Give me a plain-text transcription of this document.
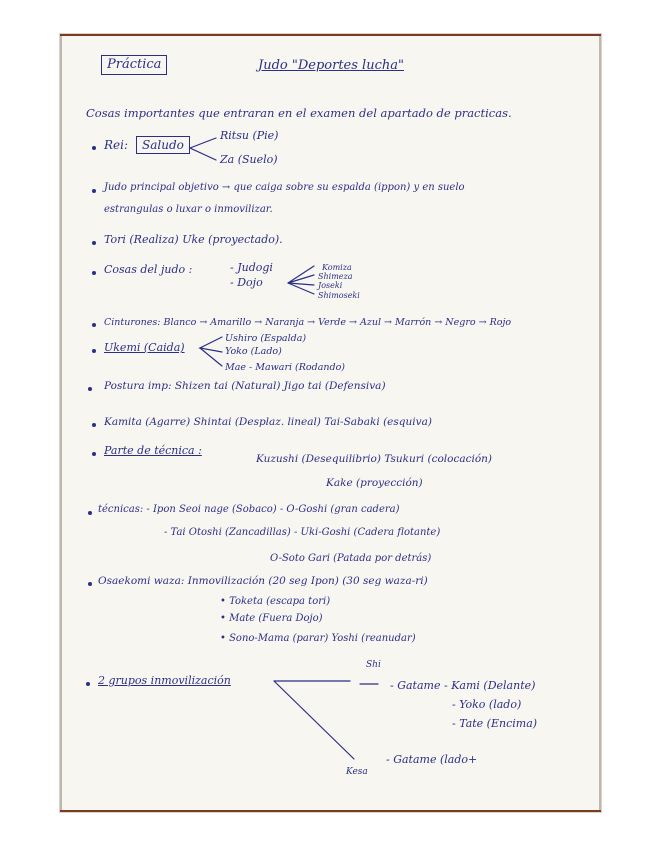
Práctica	Judo "Deportes lucha"
Cosas importantes que entraran en el examen del apartado de practicas.
Rei:	Saludo
Ritsu (Pie)
Za (Suelo)
Judo principal objetivo → que caiga sobre su espalda (ippon) y en suelo
estrangulas o luxar o inmovilizar.
Tori (Realiza) Uke (proyectado).
Cosas del judo :	- Judogi
- Dojo
Komiza
Shimeza
Joseki
Shimoseki
Cinturones: Blanco → Amarillo → Naranja → Verde → Azul → Marrón → Negro → Rojo
Ukemi (Caida)
Ushiro (Espalda)
Yoko (Lado)
Mae - Mawari (Rodando)
Postura imp: Shizen tai (Natural) Jigo tai (Defensiva)
Kamita (Agarre) Shintai (Desplaz. lineal) Tai-Sabaki (esquiva)
Parte de técnica :
Kuzushi (Desequilibrio) Tsukuri (colocación)
Kake (proyección)
técnicas: - Ipon Seoi nage (Sobaco) - O-Goshi (gran cadera)
- Tai Otoshi (Zancadillas) - Uki-Goshi (Cadera flotante)
O-Soto Gari (Patada por detrás)
Osaekomi waza: Inmovilización (20 seg Ipon) (30 seg waza-ri)
• Toketa (escapa tori)
• Mate (Fuera Dojo)
• Sono-Mama (parar) Yoshi (reanudar)
2 grupos inmovilización
Shi
- Gatame - Kami (Delante)
- Yoko (lado)
- Tate (Encima)
- Gatame (lado+
Kesa
